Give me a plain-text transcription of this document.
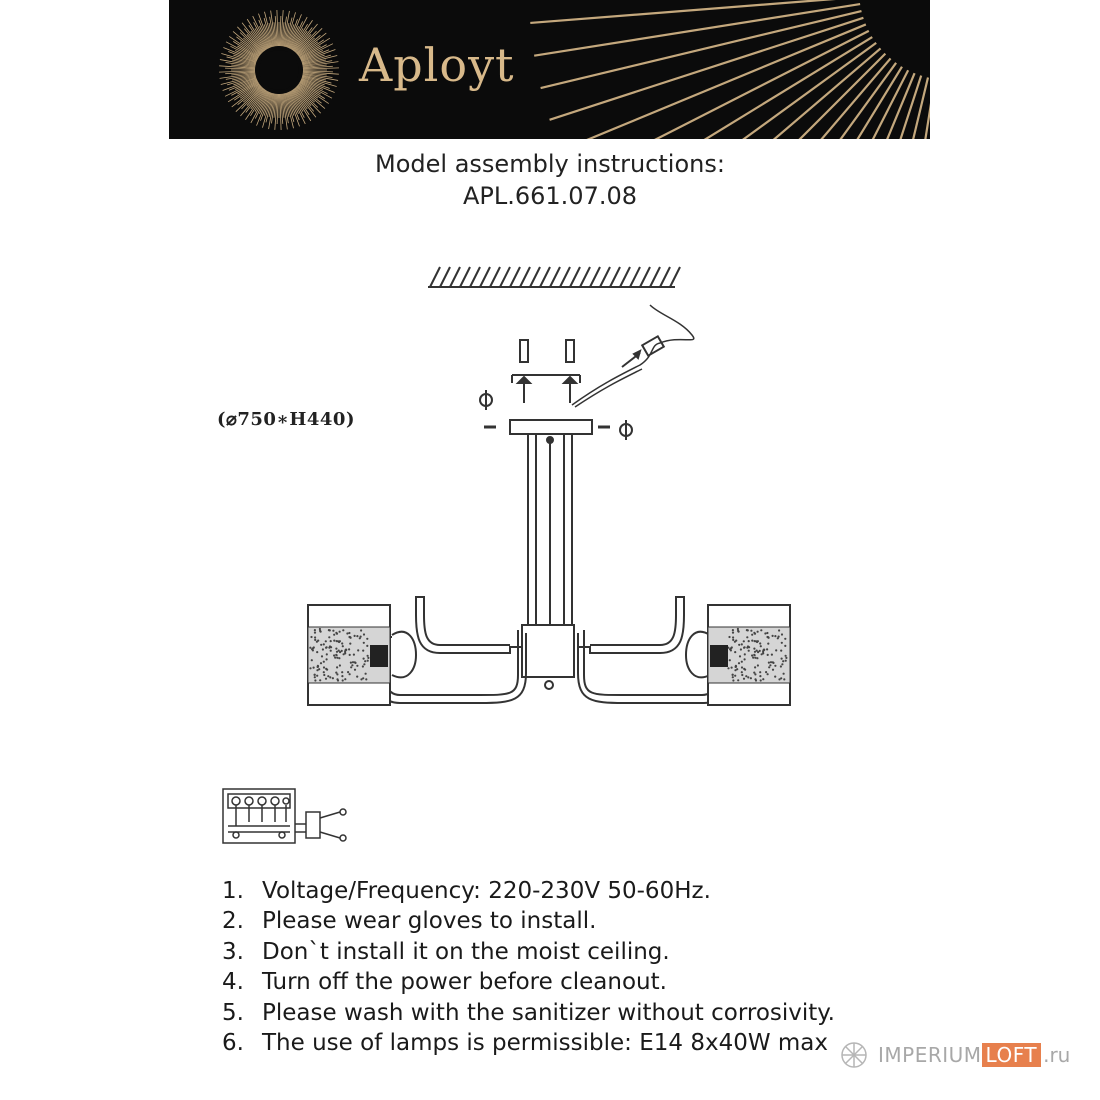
Aployt
Model assembly instructions:
APL.661.07.08
(⌀750∗H440)
1. Voltage/Frequency: 220-230V 50-60Hz.
2. Please wear gloves to install.
3. Don`t install it on the moist ceiling.
4. Turn off the power before cleanout.
5. Please wash with the sanitizer without corrosivity.
6. The use of lamps is permissible: E14 8x40W max	IMPERIUM LOFT .ru
